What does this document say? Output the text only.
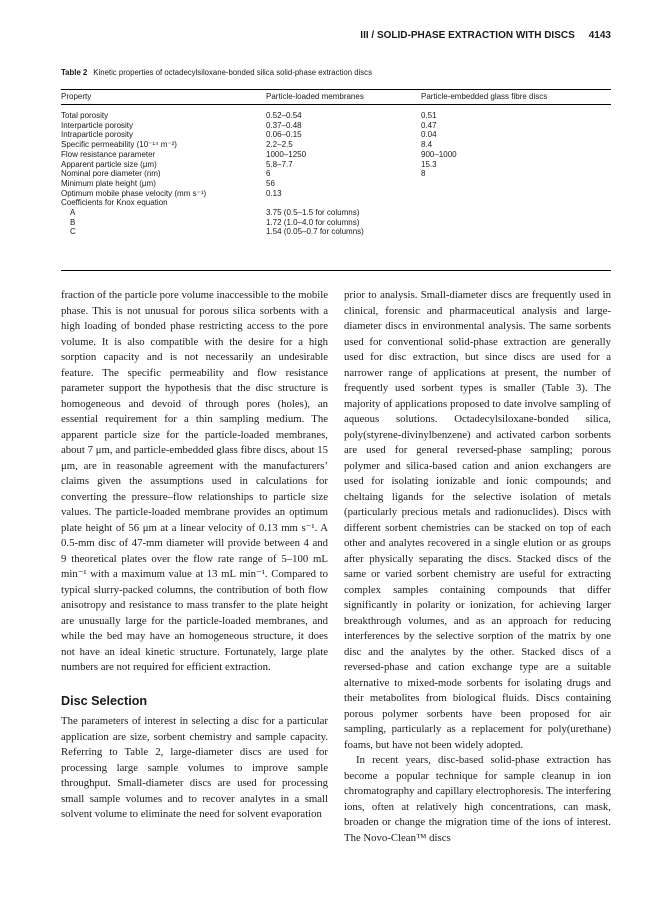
III / SOLID-PHASE EXTRACTION WITH DISCS 4143
Table 2 Kinetic properties of octadecylsiloxane-bonded silica solid-phase extraction discs
Property	Particle-loaded membranes	Particle-embedded glass fibre discs
Total porosity	0.52–0.54	0.51
Interparticle porosity	0.37–0.48	0.47
Intraparticle porosity	0.06–0.15	0.04
Specific permeability (10⁻¹⁴ m⁻²)	2.2–2.5	8.4
Flow resistance parameter	1000–1250	900–1000
Apparent particle size (μm)	5.8–7.7	15.3
Nominal pore diameter (nm)	6	8
Minimum plate height (μm)	56	
Optimum mobile phase velocity (mm s⁻¹)	0.13	
Coefficients for Knox equation		
A	3.75 (0.5–1.5 for columns)	
B	1.72 (1.0–4.0 for columns)	
C	1.54 (0.05–0.7 for columns)	

fraction of the particle pore volume inaccessible to the mobile phase. This is not unusual for porous silica sorbents with a high loading of bonded phase restricting access to the pore volume. It is also compatible with the desire for a high sorption capacity and is not necessarily an undesirable feature. The specific permeability and flow resistance parameter support the hypothesis that the disc structure is homogeneous and devoid of through pores (holes), an essential requirement for a thin sampling medium. The apparent particle size for the particle-loaded membranes, about 7 μm, and particle-embedded glass fibre discs, about 15 μm, are in reasonable agreement with the manufacturers’ claims given the assumptions used in calculations for converting the pressure–flow relationships to particle size values. The particle-loaded membrane provides an optimum plate height of 56 μm at a linear velocity of 0.13 mm s⁻¹. A 0.5-mm disc of 47-mm diameter will provide between 4 and 9 theoretical plates over the flow rate range of 5–100 mL min⁻¹ with a maximum value at 13 mL min⁻¹. Compared to typical slurry-packed columns, the contribution of both flow anisotropy and resistance to mass transfer to the plate height are unusually large for the particle-loaded membranes, and while the bed may have an homogeneous structure, it does not have an ideal kinetic structure. Fortunately, large plate numbers are not required for efficient extraction.

Disc Selection

The parameters of interest in selecting a disc for a particular application are size, sorbent chemistry and sample capacity. Referring to Table 2, large-diameter discs are used for processing large sample volumes to improve sample throughput. Small-diameter discs are used for processing small sample volumes and to recover analytes in a small solvent volume to eliminate the need for solvent evaporation

prior to analysis. Small-diameter discs are frequently used in clinical, forensic and pharmaceutical analysis and large-diameter discs in environmental analysis. The same sorbents used for conventional solid-phase extraction are generally used for disc extraction, but since discs are used for a narrower range of applications at present, the number of frequently used sorbent types is smaller (Table 3). The majority of applications proposed to date involve sampling of aqueous solutions. Octadecylsiloxane-bonded silica, poly(styrene-divinylbenzene) and activated carbon sorbents are used for general reversed-phase sampling; porous polymer and silica-based cation and anion exchangers are used for isolating ionizable and ionic compounds; and cheltaing ligands for the selective isolation of metals (particularly precious metals and radionuclides). Discs with different sorbent chemistries can be stacked on top of each other and analytes recovered in a single elution or as groups after physically separating the discs. Stacked discs of the same or varied sorbent chemistry are useful for extracting complex samples containing compounds that differ significantly in polarity or ionization, for achieving larger breakthrough volumes, and as an approach for reducing interferences by the selective sorption of the matrix by one disc and the analytes by the other. Stacked discs of a reversed-phase and cation exchange type are a suitable alternative to mixed-mode sorbents for isolating drugs and their metabolites from biological fluids. Discs containing porous polymer sorbents have been proposed for air sampling, particularly as a replacement for poly(urethane) foams, but have not been widely adopted.

In recent years, disc-based solid-phase extraction has become a popular technique for sample cleanup in ion chromatography and capillary electrophoresis. The interfering ions, often at relatively high concentrations, can mask, broaden or change the migration time of the ions of interest. The Novo-Clean™ discs
